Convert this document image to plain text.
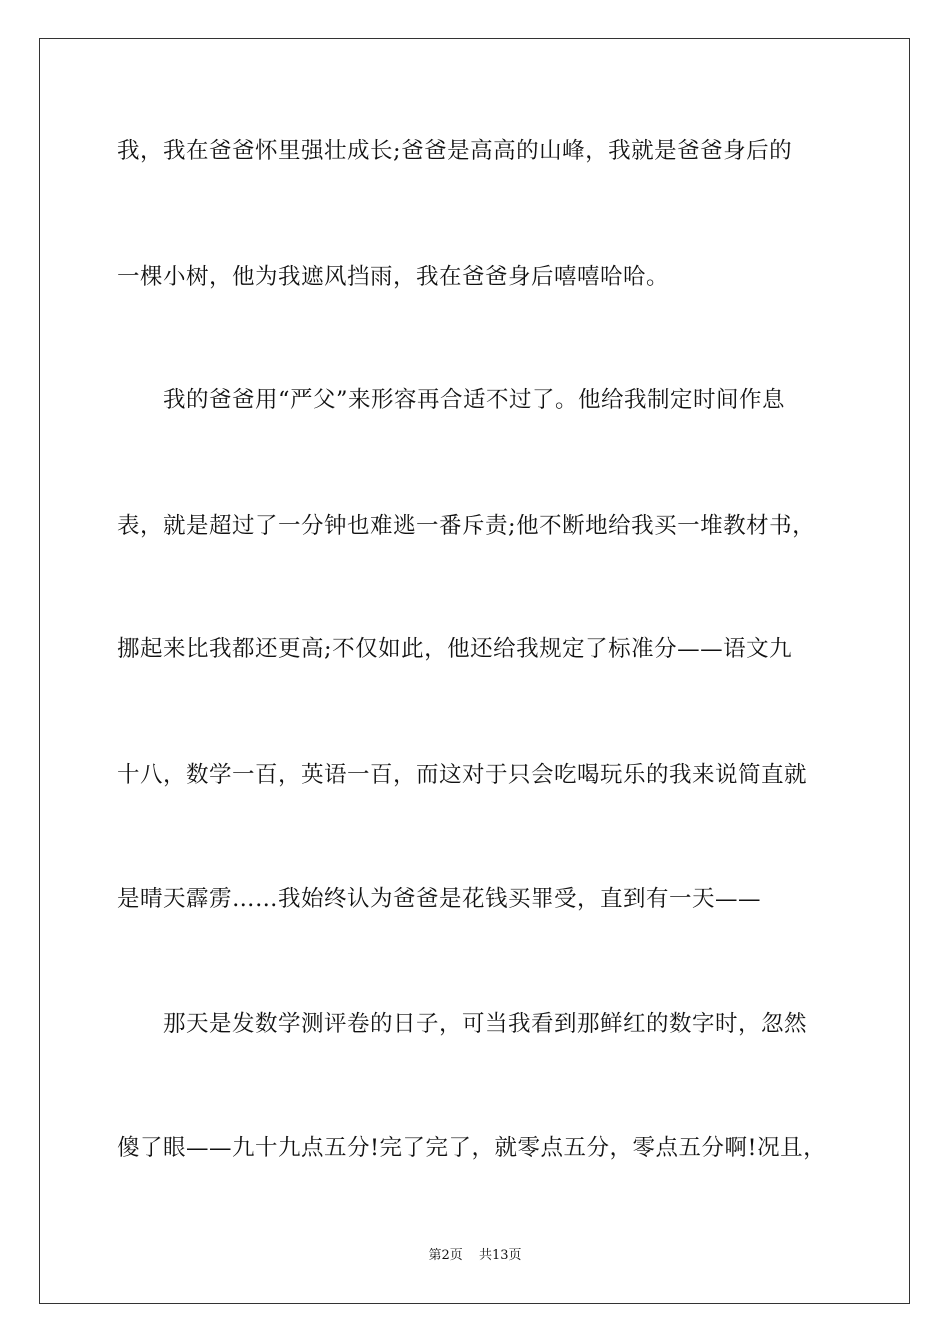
我，我在爸爸怀里强壮成长;爸爸是高高的山峰，我就是爸爸身后的
一棵小树，他为我遮风挡雨，我在爸爸身后嘻嘻哈哈。
　　我的爸爸用“严父”来形容再合适不过了。他给我制定时间作息
表，就是超过了一分钟也难逃一番斥责;他不断地给我买一堆教材书，
挪起来比我都还更高;不仅如此，他还给我规定了标准分——语文九
十八，数学一百，英语一百，而这对于只会吃喝玩乐的我来说简直就
是晴天霹雳……我始终认为爸爸是花钱买罪受，直到有一天——
　　那天是发数学测评卷的日子，可当我看到那鲜红的数字时，忽然
傻了眼——九十九点五分!完了完了，就零点五分，零点五分啊!况且，
第2页 共13页
